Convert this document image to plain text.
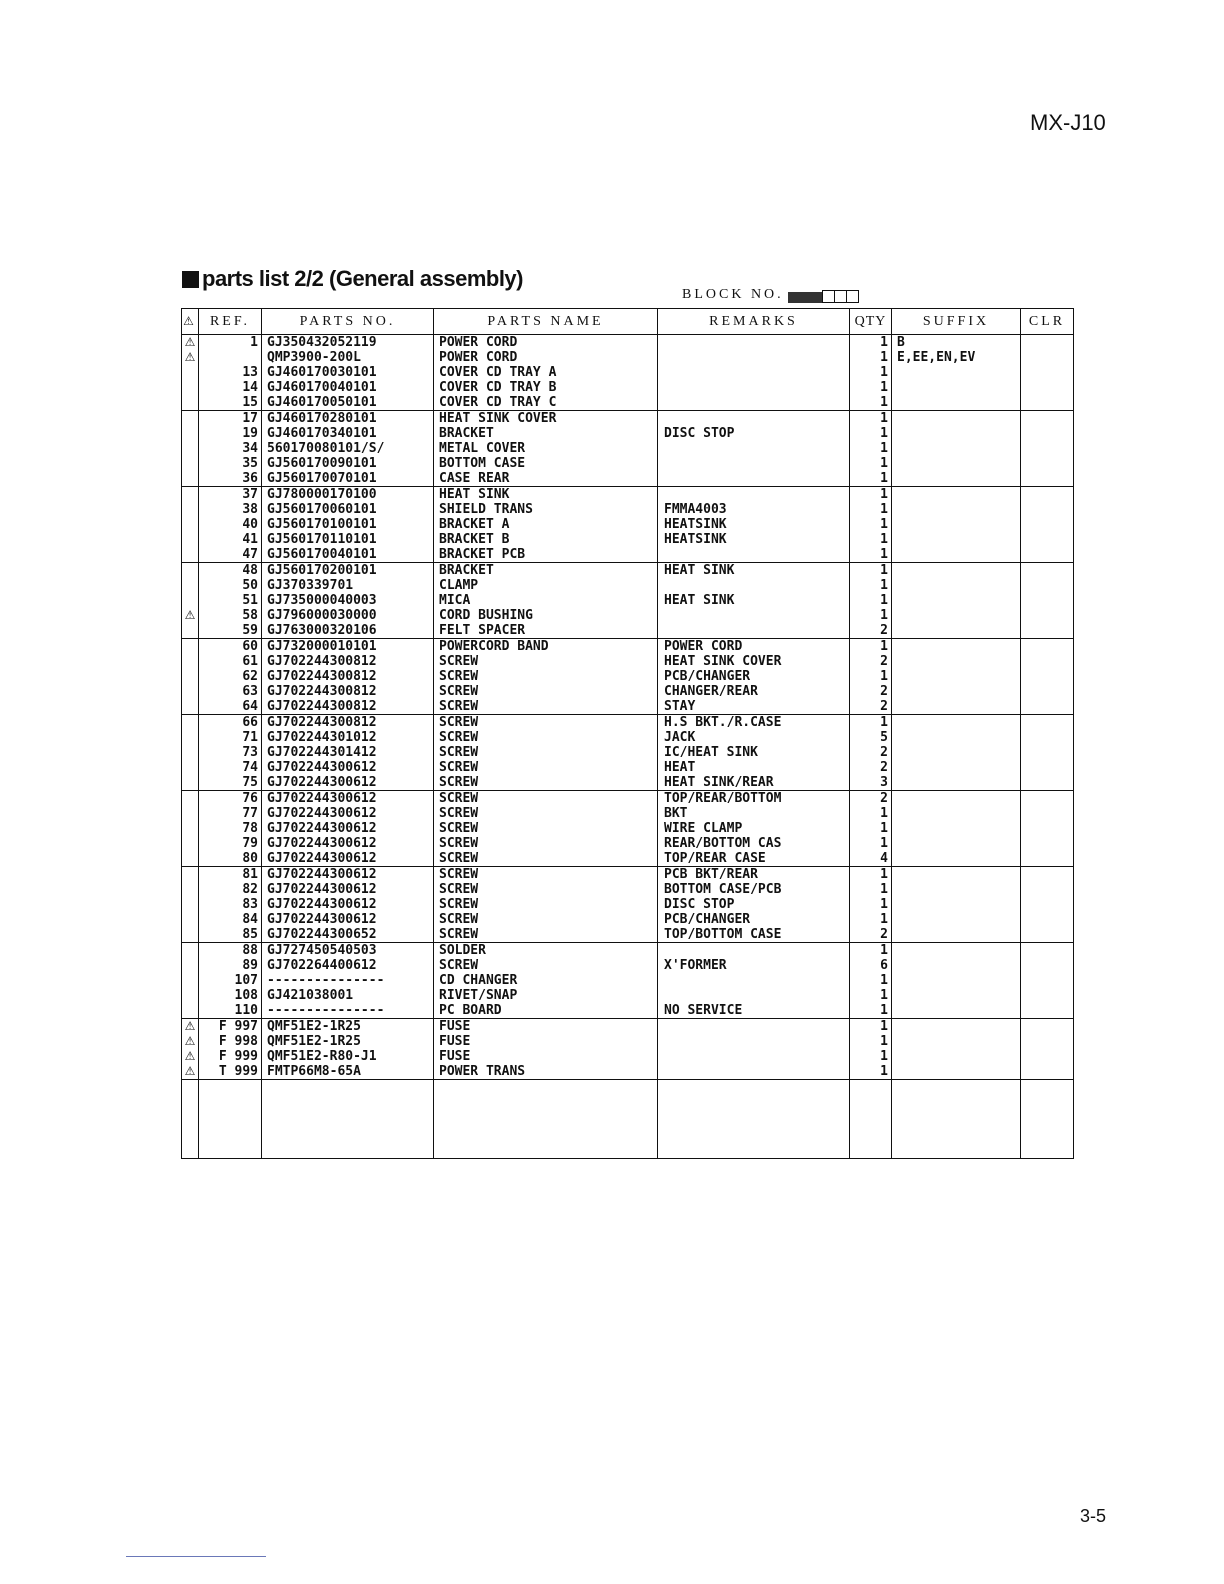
MX-J10
parts list 2/2 (General assembly)
BLOCK NO.
⚠	REF.	PARTS NO.	PARTS NAME	REMARKS	QTY	SUFFIX	CLR
⚠	1	GJ350432052119	POWER CORD		1	B	
⚠		QMP3900-200L	POWER CORD		1	E,EE,EN,EV	
	13	GJ460170030101	COVER CD TRAY A		1		
	14	GJ460170040101	COVER CD TRAY B		1		
	15	GJ460170050101	COVER CD TRAY C		1		
	17	GJ460170280101	HEAT SINK COVER		1		
	19	GJ460170340101	BRACKET	DISC STOP	1		
	34	560170080101/S/	METAL COVER		1		
	35	GJ560170090101	BOTTOM CASE		1		
	36	GJ560170070101	CASE REAR		1		
	37	GJ780000170100	HEAT SINK		1		
	38	GJ560170060101	SHIELD TRANS	FMMA4003	1		
	40	GJ560170100101	BRACKET A	HEATSINK	1		
	41	GJ560170110101	BRACKET B	HEATSINK	1		
	47	GJ560170040101	BRACKET PCB		1		
	48	GJ560170200101	BRACKET	HEAT SINK	1		
	50	GJ370339701	CLAMP		1		
	51	GJ735000040003	MICA	HEAT SINK	1		
⚠	58	GJ796000030000	CORD BUSHING		1		
	59	GJ763000320106	FELT SPACER		2		
	60	GJ732000010101	POWERCORD BAND	POWER CORD	1		
	61	GJ702244300812	SCREW	HEAT SINK COVER	2		
	62	GJ702244300812	SCREW	PCB/CHANGER	1		
	63	GJ702244300812	SCREW	CHANGER/REAR	2		
	64	GJ702244300812	SCREW	STAY	2		
	66	GJ702244300812	SCREW	H.S BKT./R.CASE	1		
	71	GJ702244301012	SCREW	JACK	5		
	73	GJ702244301412	SCREW	IC/HEAT SINK	2		
	74	GJ702244300612	SCREW	HEAT	2		
	75	GJ702244300612	SCREW	HEAT SINK/REAR	3		
	76	GJ702244300612	SCREW	TOP/REAR/BOTTOM	2		
	77	GJ702244300612	SCREW	BKT	1		
	78	GJ702244300612	SCREW	WIRE CLAMP	1		
	79	GJ702244300612	SCREW	REAR/BOTTOM CAS	1		
	80	GJ702244300612	SCREW	TOP/REAR CASE	4		
	81	GJ702244300612	SCREW	PCB BKT/REAR	1		
	82	GJ702244300612	SCREW	BOTTOM CASE/PCB	1		
	83	GJ702244300612	SCREW	DISC STOP	1		
	84	GJ702244300612	SCREW	PCB/CHANGER	1		
	85	GJ702244300652	SCREW	TOP/BOTTOM CASE	2		
	88	GJ727450540503	SOLDER		1		
	89	GJ702264400612	SCREW	X'FORMER	6		
	107	---------------	CD CHANGER		1		
	108	GJ421038001	RIVET/SNAP		1		
	110	---------------	PC BOARD	NO SERVICE	1		
⚠	F 997	QMF51E2-1R25	FUSE		1		
⚠	F 998	QMF51E2-1R25	FUSE		1		
⚠	F 999	QMF51E2-R80-J1	FUSE		1		
⚠	T 999	FMTP66M8-65A	POWER TRANS		1		

3-5
